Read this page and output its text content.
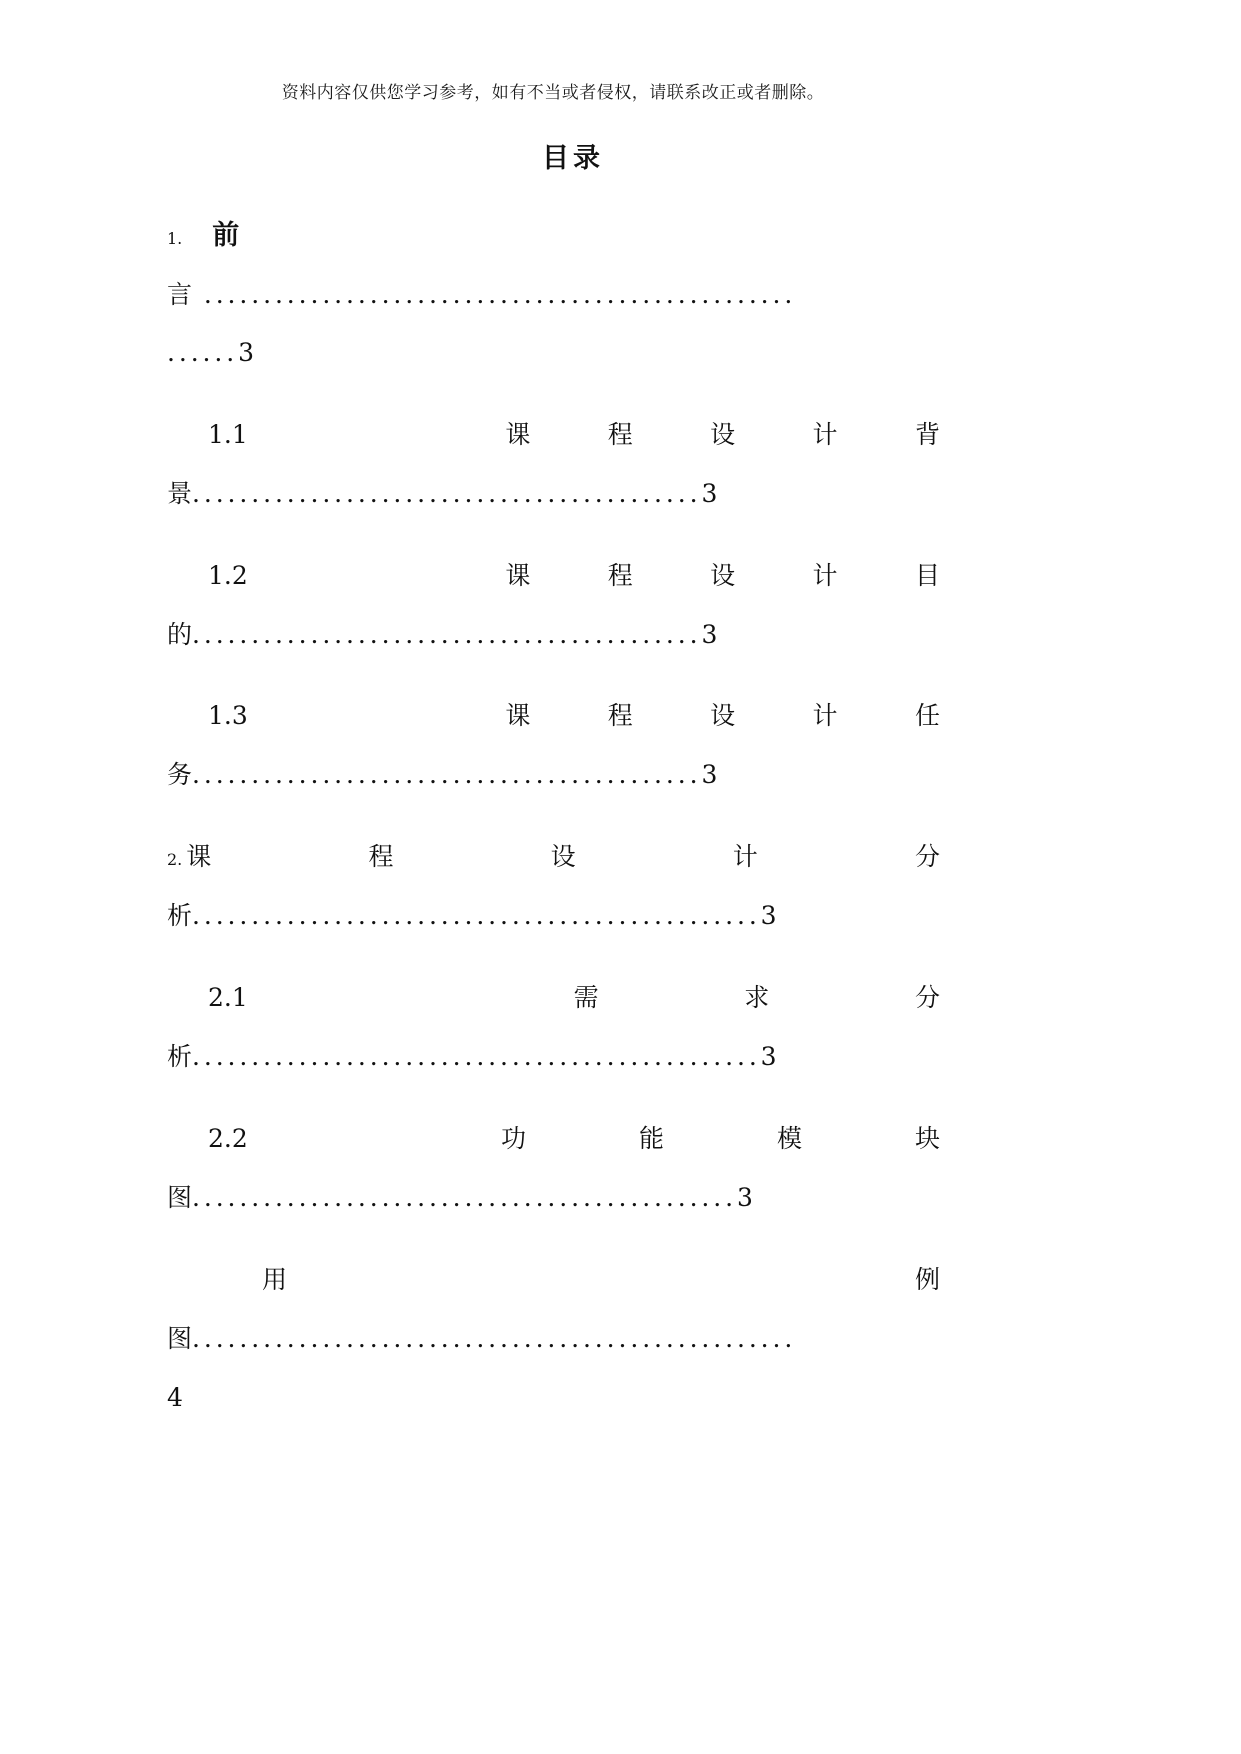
资料内容仅供您学习参考，如有不当或者侵权，请联系改正或者删除。
目录
1. 前
言 ..................................................
......3
1.1	课	程	设	计	背
景...........................................3
1.2	课	程	设	计	目
的...........................................3
1.3	课	程	设	计	任
务...........................................3
2. 课	程	设	计	分
析................................................3
2.1	需	求	分
析................................................3
2.2	功	能	模	块
图..............................................3
用	例
图...................................................
4
